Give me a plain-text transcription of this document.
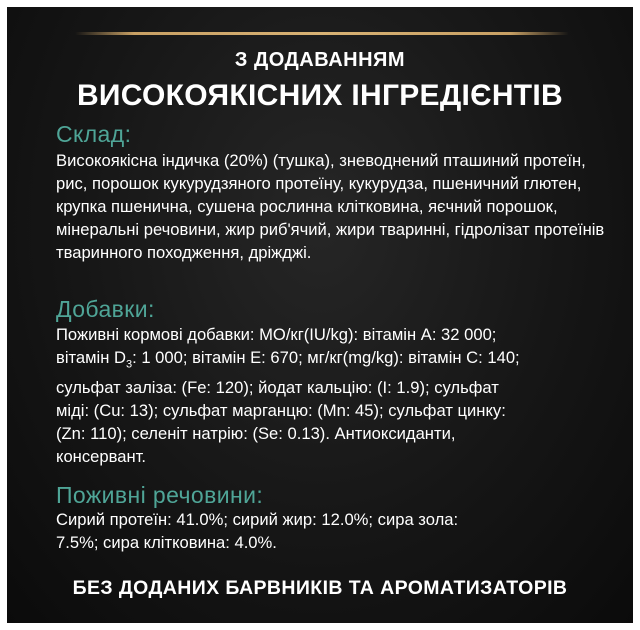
З ДОДАВАННЯМ
ВИСОКОЯКІСНИХ ІНГРЕДІЄНТІВ
Склад:
Високоякісна індичка (20%) (тушка), зневоднений пташиний протеїн, рис, порошок кукурудзяного протеїну, кукурудза, пшеничний глютен, крупка пшенична, сушена рослинна клітковина, яєчний порошок, мінеральні речовини, жир риб'ячий, жири тваринні, гідролізат протеїнів тваринного походження, дріжджі.
Добавки:
Поживні кормові добавки: МО/кг(IU/kg): вітамін A: 32 000;
вітамін $D_3$: 1 000; вітамін E: 670; мг/кг(mg/kg): вітамін C: 140;
сульфат заліза: (Fe: 120); йодат кальцію: (I: 1.9); сульфат
міді: (Cu: 13); сульфат марганцю: (Mn: 45); сульфат цинку:
(Zn: 110); селеніт натрію: (Se: 0.13). Антиоксиданти,
консервант.
Поживні речовини:
Сирий протеїн: 41.0%; сирий жир: 12.0%; сира зола:
7.5%; сира клітковина: 4.0%.
БЕЗ ДОДАНИХ БАРВНИКІВ ТА АРОМАТИЗАТОРІВ
